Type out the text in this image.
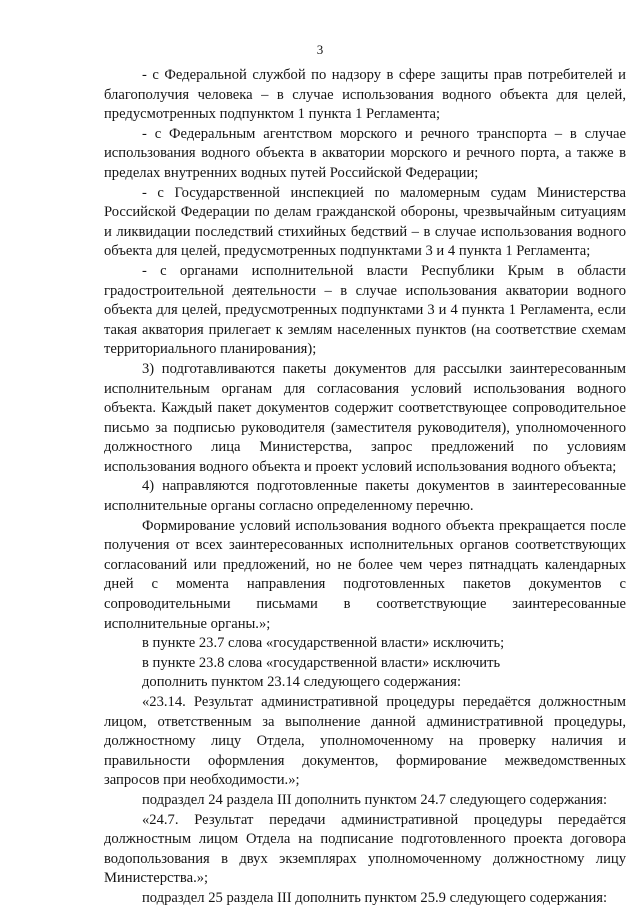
3

- с Федеральной службой по надзору в сфере защиты прав потребителей и благополучия человека – в случае использования водного объекта для целей, предусмотренных подпунктом 1 пункта 1 Регламента;

- с Федеральным агентством морского и речного транспорта – в случае использования водного объекта в акватории морского и речного порта, а также в пределах внутренних водных путей Российской Федерации;

- с Государственной инспекцией по маломерным судам Министерства Российской Федерации по делам гражданской обороны, чрезвычайным ситуациям и ликвидации последствий стихийных бедствий – в случае использования водного объекта для целей, предусмотренных подпунктами 3 и 4 пункта 1 Регламента;

- с органами исполнительной власти Республики Крым в области градостроительной деятельности – в случае использования акватории водного объекта для целей, предусмотренных подпунктами 3 и 4 пункта 1 Регламента, если такая акватория прилегает к землям населенных пунктов (на соответствие схемам территориального планирования);

3) подготавливаются пакеты документов для рассылки заинтересованным исполнительным органам для согласования условий использования водного объекта. Каждый пакет документов содержит соответствующее сопроводительное письмо за подписью руководителя (заместителя руководителя), уполномоченного должностного лица Министерства, запрос предложений по условиям использования водного объекта и проект условий использования водного объекта;

4) направляются подготовленные пакеты документов в заинтересованные исполнительные органы согласно определенному перечню.

Формирование условий использования водного объекта прекращается после получения от всех заинтересованных исполнительных органов соответствующих согласований или предложений, но не более чем через пятнадцать календарных дней с момента направления подготовленных пакетов документов с сопроводительными письмами в соответствующие заинтересованные исполнительные органы.»;

в пункте 23.7 слова «государственной власти» исключить;

в пункте 23.8 слова «государственной власти» исключить

дополнить пунктом 23.14 следующего содержания:

«23.14. Результат административной процедуры передаётся должностным лицом, ответственным за выполнение данной административной процедуры, должностному лицу Отдела, уполномоченному на проверку наличия и правильности оформления документов, формирование межведомственных запросов при необходимости.»;

подраздел 24 раздела III дополнить пунктом 24.7 следующего содержания:

«24.7. Результат передачи административной процедуры передаётся должностным лицом Отдела на подписание подготовленного проекта договора водопользования в двух экземплярах уполномоченному должностному лицу Министерства.»;

подраздел 25 раздела III дополнить пунктом 25.9 следующего содержания:
